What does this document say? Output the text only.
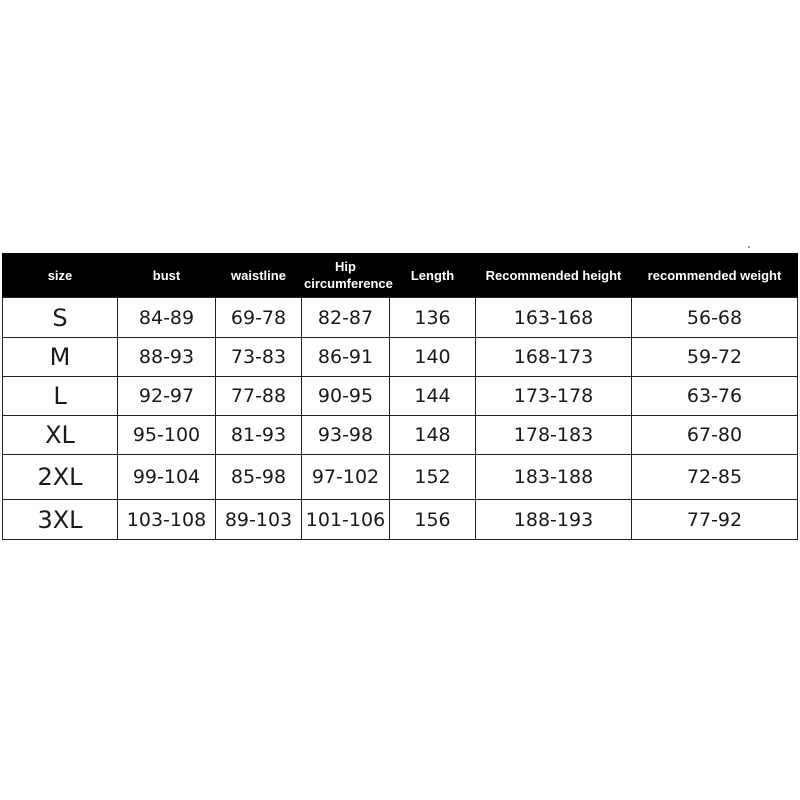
size	bust	waistline	Hip circumference	Length	Recommended height	recommended weight
S	84-89	69-78	82-87	136	163-168	56-68
M	88-93	73-83	86-91	140	168-173	59-72
L	92-97	77-88	90-95	144	173-178	63-76
XL	95-100	81-93	93-98	148	178-183	67-80
2XL	99-104	85-98	97-102	152	183-188	72-85
3XL	103-108	89-103	101-106	156	188-193	77-92
